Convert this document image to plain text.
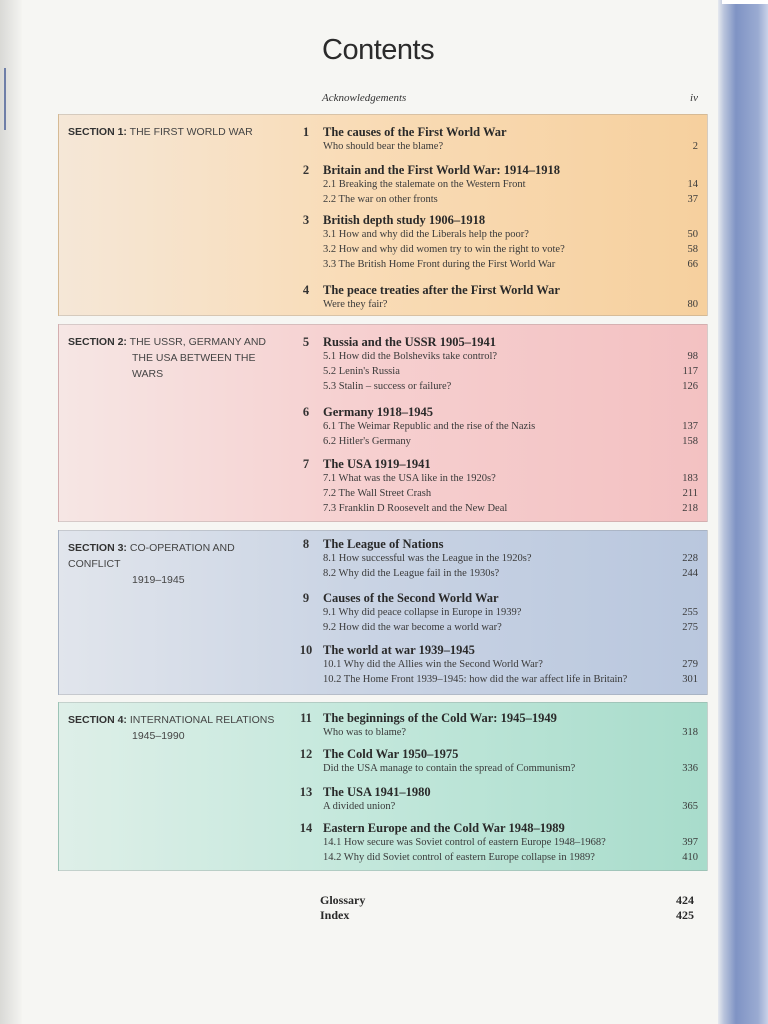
Contents
Acknowledgements	iv
SECTION 1: THE FIRST WORLD WAR	1	The causes of the First World War
Who should bear the blame?	2
2	Britain and the First World War: 1914–1918
2.1 Breaking the stalemate on the Western Front	14
2.2 The war on other fronts	37
3	British depth study 1906–1918
3.1 How and why did the Liberals help the poor?	50
3.2 How and why did women try to win the right to vote?	58
3.3 The British Home Front during the First World War	66
4	The peace treaties after the First World War
Were they fair?	80
SECTION 2: THE USSR, GERMANY AND
THE USA BETWEEN THE
WARS
5	Russia and the USSR 1905–1941
5.1 How did the Bolsheviks take control?	98
5.2 Lenin's Russia	117
5.3 Stalin – success or failure?	126
6	Germany 1918–1945
6.1 The Weimar Republic and the rise of the Nazis	137
6.2 Hitler's Germany	158
7	The USA 1919–1941
7.1 What was the USA like in the 1920s?	183
7.2 The Wall Street Crash	211
7.3 Franklin D Roosevelt and the New Deal	218
SECTION 3: CO-OPERATION AND CONFLICT
1919–1945
8	The League of Nations
8.1 How successful was the League in the 1920s?	228
8.2 Why did the League fail in the 1930s?	244
9	Causes of the Second World War
9.1 Why did peace collapse in Europe in 1939?	255
9.2 How did the war become a world war?	275
10 The world at war 1939–1945
10.1 Why did the Allies win the Second World War?	279
10.2 The Home Front 1939–1945: how did the war affect life in Britain?	301
SECTION 4: INTERNATIONAL RELATIONS
1945–1990
11 The beginnings of the Cold War: 1945–1949
Who was to blame?	318
12 The Cold War 1950–1975
Did the USA manage to contain the spread of Communism?	336
13 The USA 1941–1980
A divided union?	365
14 Eastern Europe and the Cold War 1948–1989
14.1 How secure was Soviet control of eastern Europe 1948–1968?	397
14.2 Why did Soviet control of eastern Europe collapse in 1989?	410
Glossary	424
Index	425
